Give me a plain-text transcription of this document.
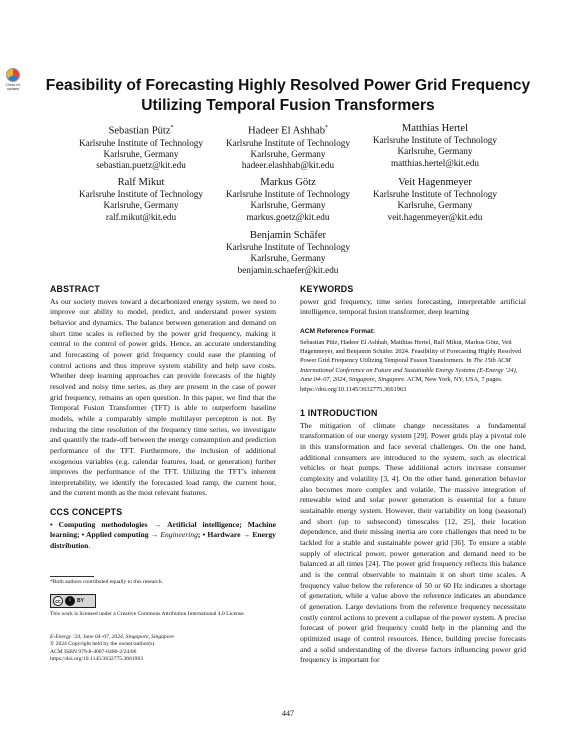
Check for updates	Feasibility of Forecasting Highly Resolved Power Grid Frequency Utilizing Temporal Fusion Transformers
Sebastian Pütz*
Karlsruhe Institute of Technology
Karlsruhe, Germany
sebastian.puetz@kit.edu
Hadeer El Ashhab*
Karlsruhe Institute of Technology
Karlsruhe, Germany
hadeer.elashhab@kit.edu
Matthias Hertel
Karlsruhe Institute of Technology
Karlsruhe, Germany
matthias.hertel@kit.edu
Ralf Mikut
Karlsruhe Institute of Technology
Karlsruhe, Germany
ralf.mikut@kit.edu
Markus Götz
Karlsruhe Institute of Technology
Karlsruhe, Germany
markus.goetz@kit.edu
Veit Hagenmeyer
Karlsruhe Institute of Technology
Karlsruhe, Germany
veit.hagenmeyer@kit.edu
Benjamin Schäfer
Karlsruhe Institute of Technology
Karlsruhe, Germany
benjamin.schaefer@kit.edu
ABSTRACT

As our society moves toward a decarbonized energy system, we need to improve our ability to model, predict, and understand power system behavior and dynamics. The balance between generation and demand on short time scales is reflected by the power grid frequency, making it central to the control of power grids. Hence, an accurate understanding and forecasting of power grid frequency could ease the planning of control actions and thus improve system stability and help save costs. Whether deep learning approaches can provide forecasts of the highly resolved and noisy time series, as they are present in the case of power grid frequency, remains an open question. In this paper, we find that the Temporal Fusion Transformer (TFT) is able to outperform baseline models, while a comparably simple multilayer perceptron is not. By reducing the time resolution of the frequency time series, we investigate and quantify the trade-off between the energy consumption and prediction performance of the TFT. Furthermore, the inclusion of additional exogenous variables (e.g. calendar features, load, or generation) further improves the performance of the TFT. Utilizing the TFT’s inherent interpretability, we identify the forecasted load ramp, the current hour, and the current month as the most relevant features.

CCS CONCEPTS

• Computing methodologies → Artificial intelligence; Machine learning; • Applied computing → Engineering; • Hardware → Energy distribution.

*Both authors contributed equally to this research.
cc	i	BY
This work is licensed under a Creative Commons Attribution International 4.0 License.
E-Energy ’24, June 04–07, 2024, Singapore, Singapore
© 2024 Copyright held by the owner/author(s).
ACM ISBN 979-8-4007-0480-2/24/06
https://doi.org/10.1145/3632775.3661963
KEYWORDS

power grid frequency, time series forecasting, interpretable artificial intelligence, temporal fusion transformer, deep learning

ACM Reference Format:

Sebastian Pütz, Hadeer El Ashhab, Matthias Hertel, Ralf Mikut, Markus Götz, Veit Hagenmeyer, and Benjamin Schäfer. 2024. Feasibility of Forecasting Highly Resolved Power Grid Frequency Utilizing Temporal Fusion Transformers. In The 15th ACM International Conference on Future and Sustainable Energy Systems (E-Energy ’24), June 04–07, 2024, Singapore, Singapore. ACM, New York, NY, USA, 7 pages. https://doi.org/10.1145/3632775.3661963

1 INTRODUCTION

The mitigation of climate change necessitates a fundamental transformation of our energy system [29]. Power grids play a pivotal role in this transformation and face several challenges. On the one hand, additional consumers are introduced to the system, such as electrical vehicles or heat pumps. These additional actors increase consumer complexity and volatility [3, 4]. On the other hand, generation behavior also becomes more complex and volatile. The massive integration of renewable wind and solar power generation is essential for a future sustainable energy system. However, their variability on long (seasonal) and short (up to subsecond) timescales [12, 25], their location dependence, and their missing inertia are core challenges that need to be tackled for a stable and sustainable power grid [36]. To ensure a stable supply of electrical power, power generation and demand need to be balanced at all times [24]. The power grid frequency reflects this balance and is the central observable to maintain it on short time scales. A frequency value below the reference of 50 or 60 Hz indicates a shortage of generation, while a value above the reference indicates an abundance of generation. Large deviations from the reference frequency necessitate costly control actions to prevent a collapse of the power system. A precise forecast of power grid frequency could help in the planning and the optimized usage of control resources. Hence, building precise forecasts and a solid understanding of the diverse factors influencing power grid frequency is important for

447
